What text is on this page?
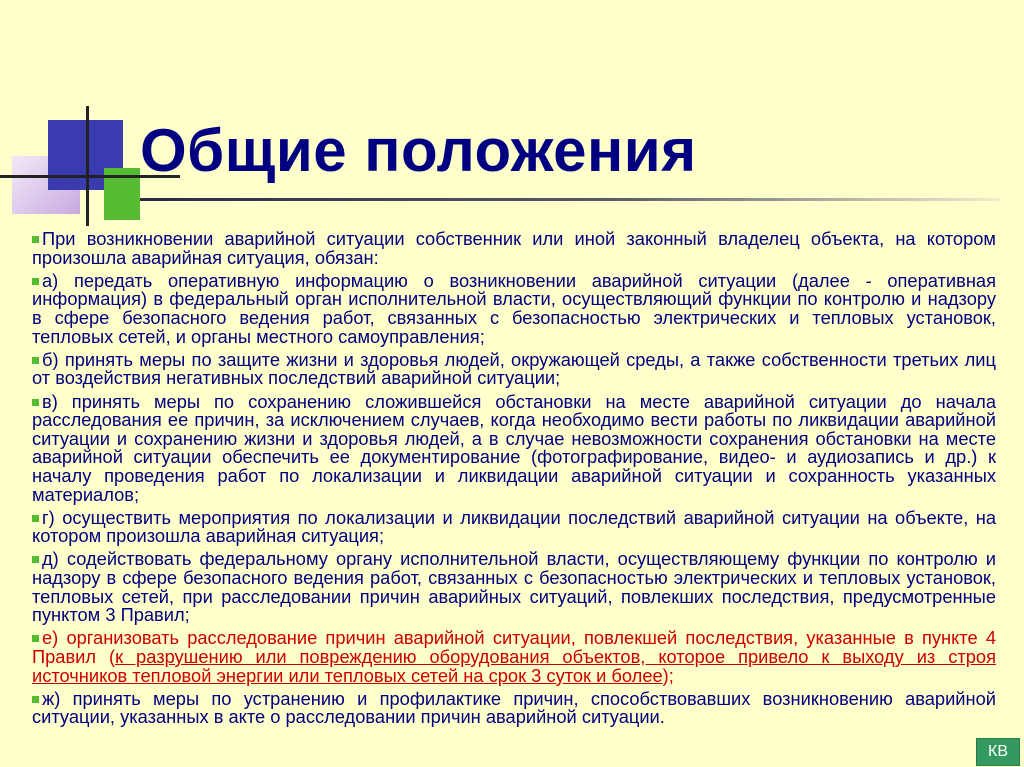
Общие положения

При возникновении аварийной ситуации собственник или иной законный владелец объекта, на котором произошла аварийная ситуация, обязан:

а) передать оперативную информацию о возникновении аварийной ситуации (далее - оперативная информация) в федеральный орган исполнительной власти, осуществляющий функции по контролю и надзору в сфере безопасного ведения работ, связанных с безопасностью электрических и тепловых установок, тепловых сетей, и органы местного самоуправления;

б) принять меры по защите жизни и здоровья людей, окружающей среды, а также собственности третьих лиц от воздействия негативных последствий аварийной ситуации;

в) принять меры по сохранению сложившейся обстановки на месте аварийной ситуации до начала расследования ее причин, за исключением случаев, когда необходимо вести работы по ликвидации аварийной ситуации и сохранению жизни и здоровья людей, а в случае невозможности сохранения обстановки на месте аварийной ситуации обеспечить ее документирование (фотографирование, видео- и аудиозапись и др.) к началу проведения работ по локализации и ликвидации аварийной ситуации и сохранность указанных материалов;

г) осуществить мероприятия по локализации и ликвидации последствий аварийной ситуации на объекте, на котором произошла аварийная ситуация;

д) содействовать федеральному органу исполнительной власти, осуществляющему функции по контролю и надзору в сфере безопасного ведения работ, связанных с безопасностью электрических и тепловых установок, тепловых сетей, при расследовании причин аварийных ситуаций, повлекших последствия, предусмотренные пунктом 3 Правил;

е) организовать расследование причин аварийной ситуации, повлекшей последствия, указанные в пункте 4 Правил (к разрушению или повреждению оборудования объектов, которое привело к выходу из строя источников тепловой энергии или тепловых сетей на срок 3 суток и более);

ж) принять меры по устранению и профилактике причин, способствовавших возникновению аварийной ситуации, указанных в акте о расследовании причин аварийной ситуации.

КВ
